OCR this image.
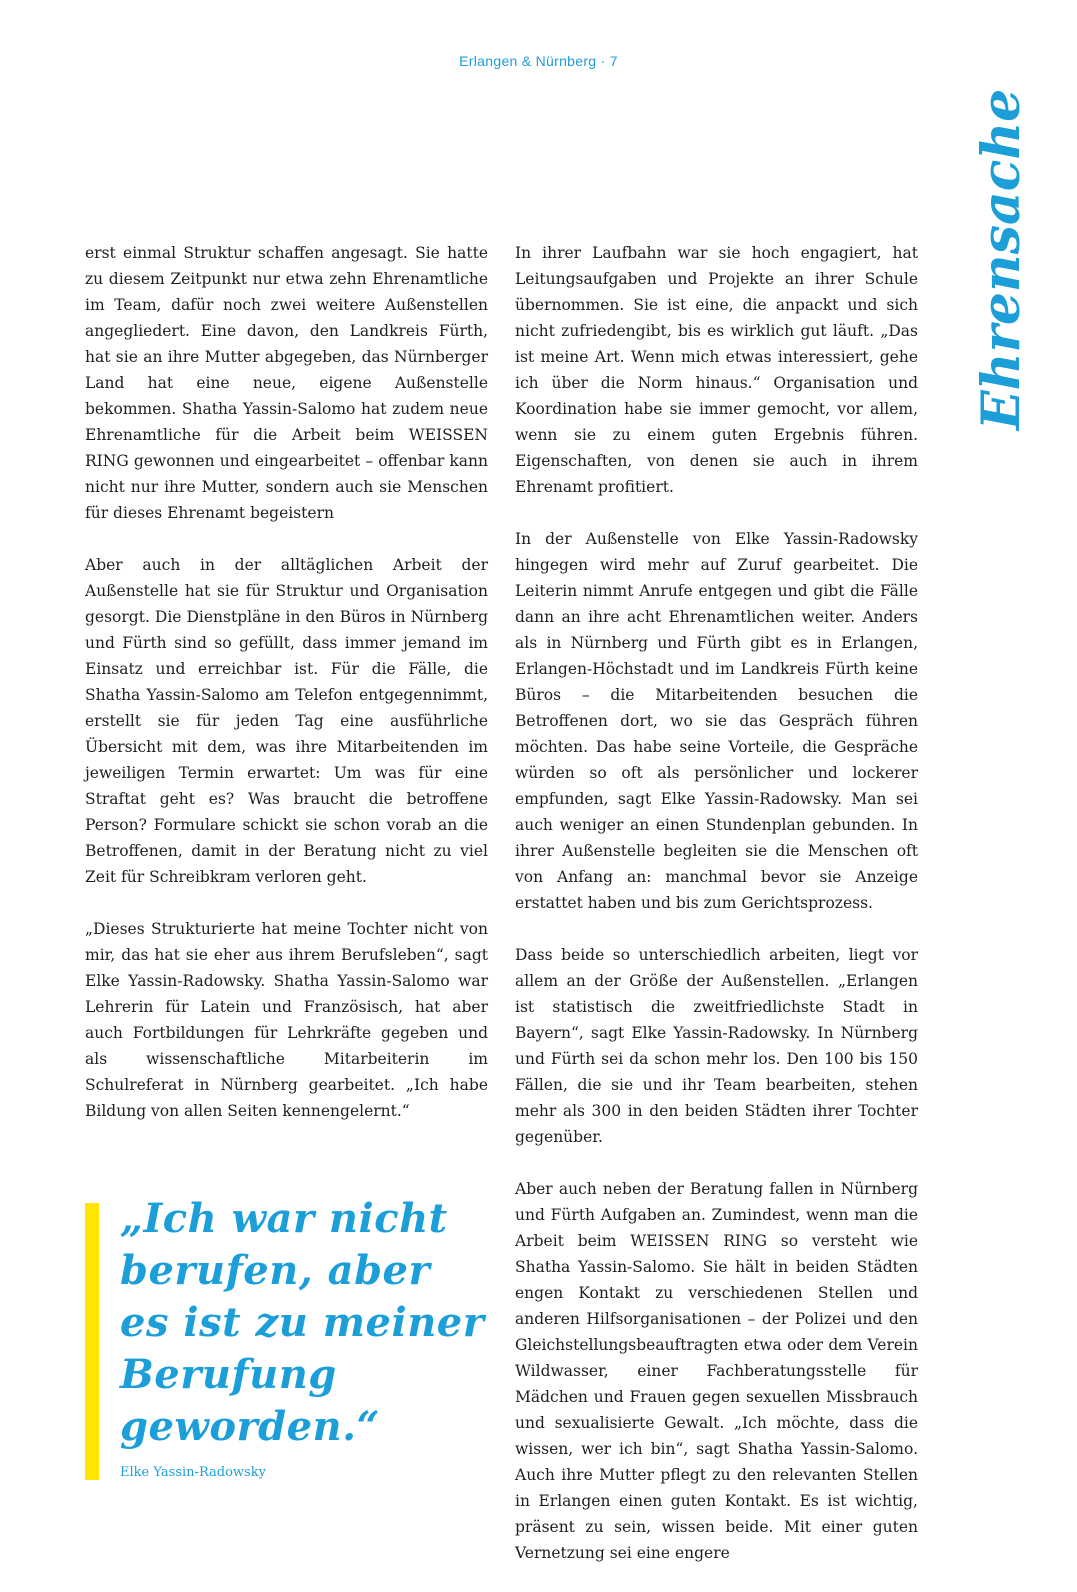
Erlangen & Nürnberg · 7
Ehrensache

erst einmal Struktur schaffen angesagt. Sie hatte zu diesem Zeitpunkt nur etwa zehn Ehrenamtliche im Team, dafür noch zwei weitere Außenstellen angegliedert. Eine davon, den Landkreis Fürth, hat sie an ihre Mutter abgegeben, das Nürnberger Land hat eine neue, eigene Außenstelle bekommen. Shatha Yassin-Salomo hat zudem neue Ehrenamtliche für die Arbeit beim WEISSEN RING gewonnen und eingearbeitet – offenbar kann nicht nur ihre Mutter, sondern auch sie Menschen für dieses Ehrenamt begeistern

Aber auch in der alltäglichen Arbeit der Außenstelle hat sie für Struktur und Organisation gesorgt. Die Dienstpläne in den Büros in Nürnberg und Fürth sind so gefüllt, dass immer jemand im Einsatz und erreichbar ist. Für die Fälle, die Shatha Yassin-Salomo am Telefon entgegennimmt, erstellt sie für jeden Tag eine ausführliche Übersicht mit dem, was ihre Mitarbeitenden im jeweiligen Termin erwartet: Um was für eine Straftat geht es? Was braucht die betroffene Person? Formulare schickt sie schon vorab an die Betroffenen, damit in der Beratung nicht zu viel Zeit für Schreibkram verloren geht.

„Dieses Strukturierte hat meine Tochter nicht von mir, das hat sie eher aus ihrem Berufsleben“, sagt Elke Yassin-Radowsky. Shatha Yassin-Salomo war Lehrerin für Latein und Französisch, hat aber auch Fortbildungen für Lehrkräfte gegeben und als wissenschaftliche Mitarbeiterin im Schulreferat in Nürnberg gearbeitet. „Ich habe Bildung von allen Seiten kennengelernt.“

„Ich war nicht berufen, aber es ist zu meiner Berufung geworden.“
Elke Yassin-Radowsky

In ihrer Laufbahn war sie hoch engagiert, hat Leitungsaufgaben und Projekte an ihrer Schule übernommen. Sie ist eine, die anpackt und sich nicht zufriedengibt, bis es wirklich gut läuft. „Das ist meine Art. Wenn mich etwas interessiert, gehe ich über die Norm hinaus.“ Organisation und Koordination habe sie immer gemocht, vor allem, wenn sie zu einem guten Ergebnis führen. Eigenschaften, von denen sie auch in ihrem Ehrenamt profitiert.

In der Außenstelle von Elke Yassin-Radowsky hingegen wird mehr auf Zuruf gearbeitet. Die Leiterin nimmt Anrufe entgegen und gibt die Fälle dann an ihre acht Ehrenamtlichen weiter. Anders als in Nürnberg und Fürth gibt es in Erlangen, Erlangen-Höchstadt und im Landkreis Fürth keine Büros – die Mitarbeitenden besuchen die Betroffenen dort, wo sie das Gespräch führen möchten. Das habe seine Vorteile, die Gespräche würden so oft als persönlicher und lockerer empfunden, sagt Elke Yassin-Radowsky. Man sei auch weniger an einen Stundenplan gebunden. In ihrer Außenstelle begleiten sie die Menschen oft von Anfang an: manchmal bevor sie Anzeige erstattet haben und bis zum Gerichtsprozess.

Dass beide so unterschiedlich arbeiten, liegt vor allem an der Größe der Außenstellen. „Erlangen ist statistisch die zweitfriedlichste Stadt in Bayern“, sagt Elke Yassin-Radowsky. In Nürnberg und Fürth sei da schon mehr los. Den 100 bis 150 Fällen, die sie und ihr Team bearbeiten, stehen mehr als 300 in den beiden Städten ihrer Tochter gegenüber.

Aber auch neben der Beratung fallen in Nürnberg und Fürth Aufgaben an. Zumindest, wenn man die Arbeit beim WEISSEN RING so versteht wie Shatha Yassin-Salomo. Sie hält in beiden Städten engen Kontakt zu verschiedenen Stellen und anderen Hilfsorganisationen – der Polizei und den Gleichstellungsbeauftragten etwa oder dem Verein Wildwasser, einer Fachberatungsstelle für Mädchen und Frauen gegen sexuellen Missbrauch und sexualisierte Gewalt. „Ich möchte, dass die wissen, wer ich bin“, sagt Shatha Yassin-Salomo. Auch ihre Mutter pflegt zu den relevanten Stellen in Erlangen einen guten Kontakt. Es ist wichtig, präsent zu sein, wissen beide. Mit einer guten Vernetzung sei eine engere
